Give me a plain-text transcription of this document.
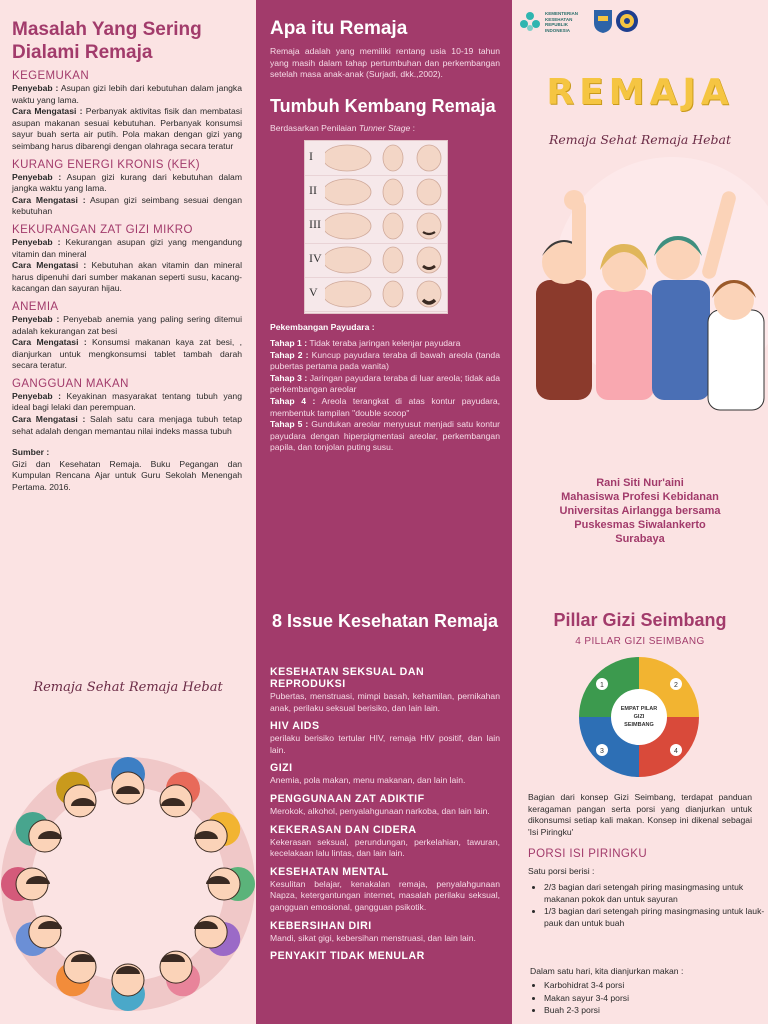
Masalah Yang Sering Dialami Remaja
KEGEMUKAN

Penyebab : Asupan gizi lebih dari kebutuhan dalam jangka waktu yang lama.

Cara Mengatasi : Perbanyak aktivitas fisik dan membatasi asupan makanan sesuai kebutuhan. Perbanyak konsumsi sayur buah serta air putih. Pola makan dengan gizi yang seimbang harus dibarengi dengan olahraga secara teratur

KURANG ENERGI KRONIS (KEK)

Penyebab : Asupan gizi kurang dari kebutuhan dalam jangka waktu yang lama.

Cara Mengatasi : Asupan gizi seimbang sesuai dengan kebutuhan

KEKURANGAN ZAT GIZI MIKRO

Penyebab : Kekurangan asupan gizi yang mengandung vitamin dan mineral

Cara Mengatasi : Kebutuhan akan vitamin dan mineral harus dipenuhi dari sumber makanan seperti susu, kacang-kacangan dan sayuran hijau.

ANEMIA

Penyebab : Penyebab anemia yang paling sering ditemui adalah kekurangan zat besi

Cara Mengatasi : Konsumsi makanan kaya zat besi, , dianjurkan untuk mengkonsumsi tablet tambah darah secara teratur.

GANGGUAN MAKAN

Penyebab : Keyakinan masyarakat tentang tubuh yang ideal bagi lelaki dan perempuan.

Cara Mengatasi : Salah satu cara menjaga tubuh tetap sehat adalah dengan memantau nilai indeks massa tubuh

Sumber :
Gizi dan Kesehatan Remaja. Buku Pegangan dan Kumpulan Rencana Ajar untuk Guru Sekolah Menengah Pertama. 2016.
Remaja Sehat Remaja Hebat
Apa itu Remaja

Remaja adalah yang memiliki rentang usia 10-19 tahun yang masih dalam tahap pertumbuhan dan perkembangan setelah masa anak-anak (Surjadi, dkk.,2002).

Tumbuh Kembang Remaja
Berdasarkan Penilaian Tunner Stage :
I
II
III
IV
V
Pekembangan Payudara :

Tahap 1 : Tidak teraba jaringan kelenjar payudara

Tahap 2 : Kuncup payudara teraba di bawah areola (tanda pubertas pertama pada wanita)

Tahap 3 : Jaringan payudara teraba di luar areola; tidak ada perkembangan areolar

Tahap 4 : Areola terangkat di atas kontur payudara, membentuk tampilan "double scoop"

Tahap 5 : Gundukan areolar menyusut menjadi satu kontur payudara dengan hiperpigmentasi areolar, perkembangan papila, dan tonjolan puting susu.

8 Issue Kesehatan Remaja
KESEHATAN SEKSUAL DAN REPRODUKSI

Pubertas, menstruasi, mimpi basah, kehamilan, pernikahan anak, perilaku seksual berisiko, dan lain lain.

HIV AIDS

perilaku berisiko tertular HIV, remaja HIV positif, dan lain lain.

GIZI

Anemia, pola makan, menu makanan, dan lain lain.

PENGGUNAAN ZAT ADIKTIF

Merokok, alkohol, penyalahgunaan narkoba, dan lain lain.

KEKERASAN DAN CIDERA

Kekerasan seksual, perundungan, perkelahian, tawuran, kecelakaan lalu lintas, dan lain lain.

KESEHATAN MENTAL

Kesulitan belajar, kenakalan remaja, penyalahgunaan Napza, ketergantungan internet, masalah perilaku seksual, gangguan emosional, gangguan psikotik.

KEBERSIHAN DIRI

Mandi, sikat gigi, kebersihan menstruasi, dan lain lain.

PENYAKIT TIDAK MENULAR

KEMENTERIAN KESEHATAN REPUBLIK INDONESIA
REMAJA
Remaja Sehat Remaja Hebat
Rani Siti Nur'aini
Mahasiswa Profesi Kebidanan
Universitas Airlangga bersama
Puskesmas Siwalankerto
Surabaya
Pillar Gizi Seimbang
4 PILLAR GIZI SEIMBANG
EMPAT PILAR
GIZI
SEIMBANG
1	2
3	4

Bagian dari konsep Gizi Seimbang, terdapat panduan keragaman pangan serta porsi yang dianjurkan untuk dikonsumsi setiap kali makan. Konsep ini dikenal sebagai 'Isi Piringku'

PORSI ISI PIRINGKU
Satu porsi berisi :
• 2/3 bagian dari setengah piring masingmasing untuk makanan pokok dan untuk sayuran
• 1/3 bagian dari setengah piring masingmasing untuk lauk-pauk dan untuk buah
Dalam satu hari, kita dianjurkan makan :
• Karbohidrat 3-4 porsi
• Makan sayur 3-4 porsi
• Buah 2-3 porsi
